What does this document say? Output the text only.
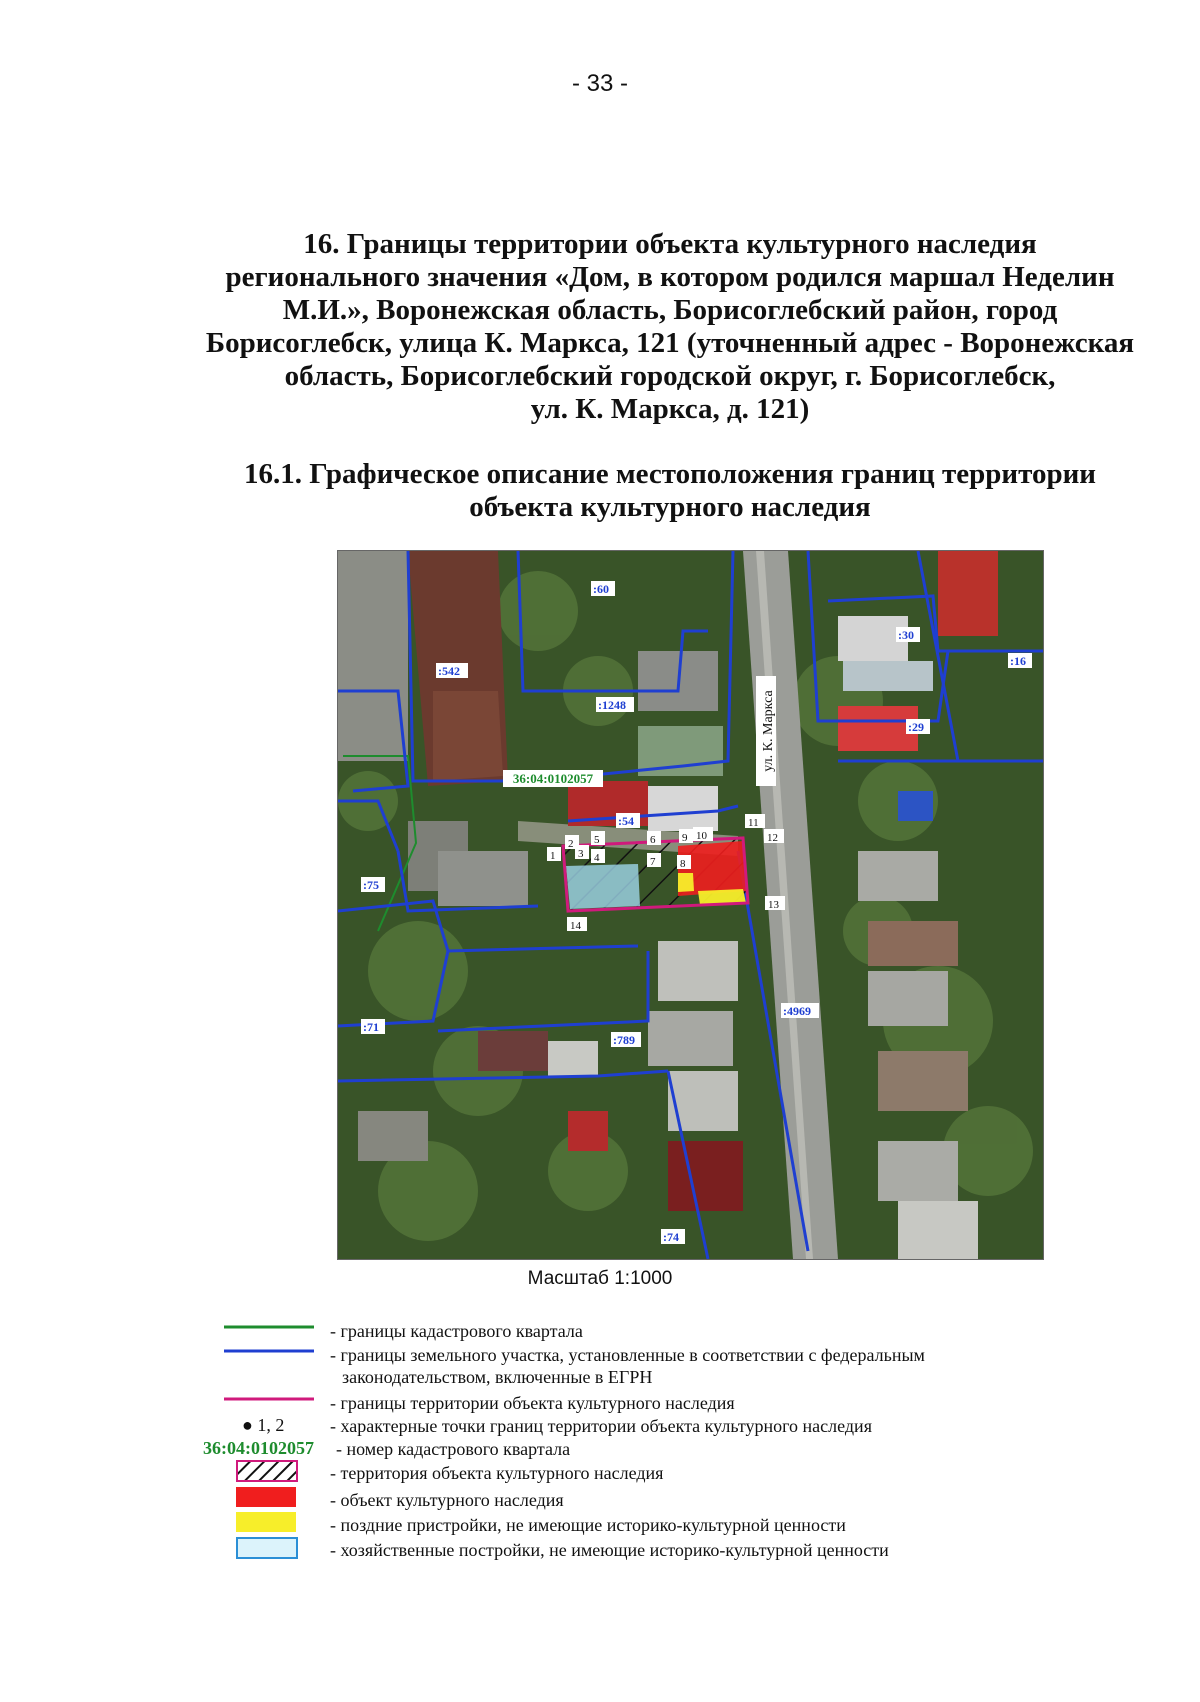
- 33 -
16. Границы территории объекта культурного наследия
регионального значения «Дом, в котором родился маршал Неделин
М.И.», Воронежская область, Борисоглебский район, город
Борисоглебск, улица К. Маркса, 121 (уточненный адрес - Воронежская
область, Борисоглебский городской округ, г. Борисоглебск,
ул. К. Маркса, д. 121)
16.1. Графическое описание местоположения границ территории
объекта культурного наследия
ул. К. Маркса
36:04:0102057
:60
:542
:1248
:30
:16
:29
:54
:75
:71
:789
:4969
:74
1
2
3 4
5	6
7 8
9 10
11
12
13
14
Масштаб 1:1000
- границы кадастрового квартала
- границы земельного участка, установленные в соответствии с федеральным
законодательством, включенные в ЕГРН
- границы территории объекта культурного наследия
● 1, 2	- характерные точки границ территории объекта культурного наследия
36:04:0102057 - номер кадастрового квартала
- территория объекта культурного наследия
- объект культурного наследия
- поздние пристройки, не имеющие историко-культурной ценности
- хозяйственные постройки, не имеющие историко-культурной ценности
